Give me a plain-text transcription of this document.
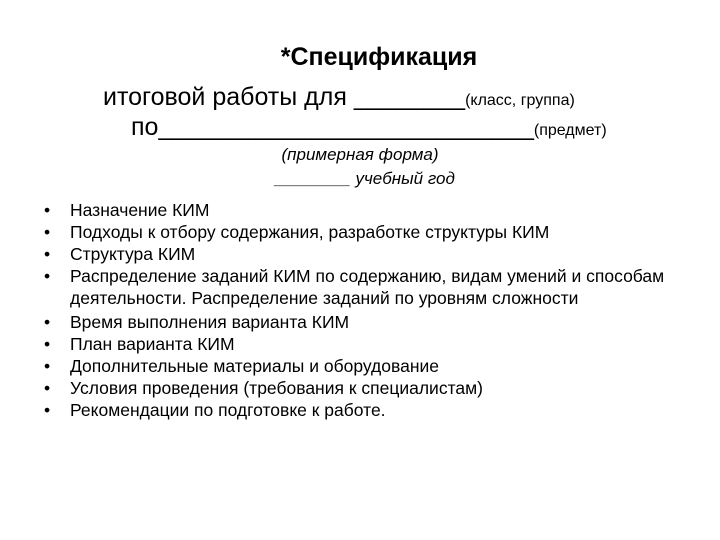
*Спецификация
итоговой работы для ________(класс, группа)
по___________________________(предмет)
(примерная форма)
________ учебный год
• Назначение КИМ
• Подходы к отбору содержания, разработке структуры КИМ
• Структура КИМ
• Распределение заданий КИМ по содержанию, видам умений и способам деятельности. Распределение заданий по уровням сложности
• Время выполнения варианта КИМ
• План варианта КИМ
• Дополнительные материалы и оборудование
• Условия проведения (требования к специалистам)
• Рекомендации по подготовке к работе.
